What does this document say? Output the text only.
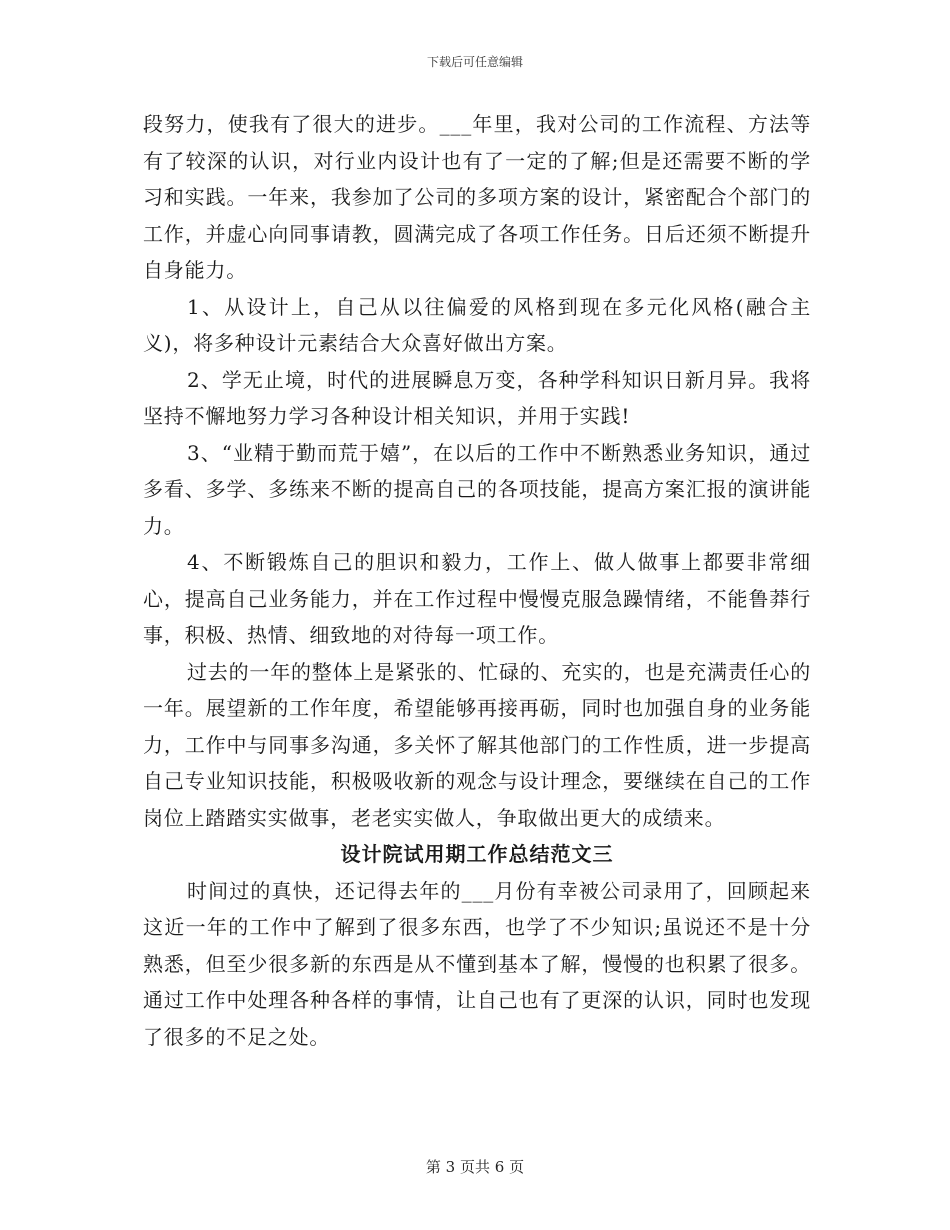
下载后可任意编辑

段努力，使我有了很大的进步。___年里，我对公司的工作流程、方法等有了较深的认识，对行业内设计也有了一定的了解;但是还需要不断的学习和实践。一年来，我参加了公司的多项方案的设计，紧密配合个部门的工作，并虚心向同事请教，圆满完成了各项工作任务。日后还须不断提升自身能力。

1、从设计上，自己从以往偏爱的风格到现在多元化风格(融合主义)，将多种设计元素结合大众喜好做出方案。

2、学无止境，时代的进展瞬息万变，各种学科知识日新月异。我将坚持不懈地努力学习各种设计相关知识，并用于实践!

3、“业精于勤而荒于嬉”，在以后的工作中不断熟悉业务知识，通过多看、多学、多练来不断的提高自己的各项技能，提高方案汇报的演讲能力。

4、不断锻炼自己的胆识和毅力，工作上、做人做事上都要非常细心，提高自己业务能力，并在工作过程中慢慢克服急躁情绪，不能鲁莽行事，积极、热情、细致地的对待每一项工作。

过去的一年的整体上是紧张的、忙碌的、充实的，也是充满责任心的一年。展望新的工作年度，希望能够再接再砺，同时也加强自身的业务能力，工作中与同事多沟通，多关怀了解其他部门的工作性质，进一步提高自己专业知识技能，积极吸收新的观念与设计理念，要继续在自己的工作岗位上踏踏实实做事，老老实实做人，争取做出更大的成绩来。

设计院试用期工作总结范文三

时间过的真快，还记得去年的___月份有幸被公司录用了，回顾起来这近一年的工作中了解到了很多东西，也学了不少知识;虽说还不是十分熟悉，但至少很多新的东西是从不懂到基本了解，慢慢的也积累了很多。通过工作中处理各种各样的事情，让自己也有了更深的认识，同时也发现了很多的不足之处。

第 3 页共 6 页
